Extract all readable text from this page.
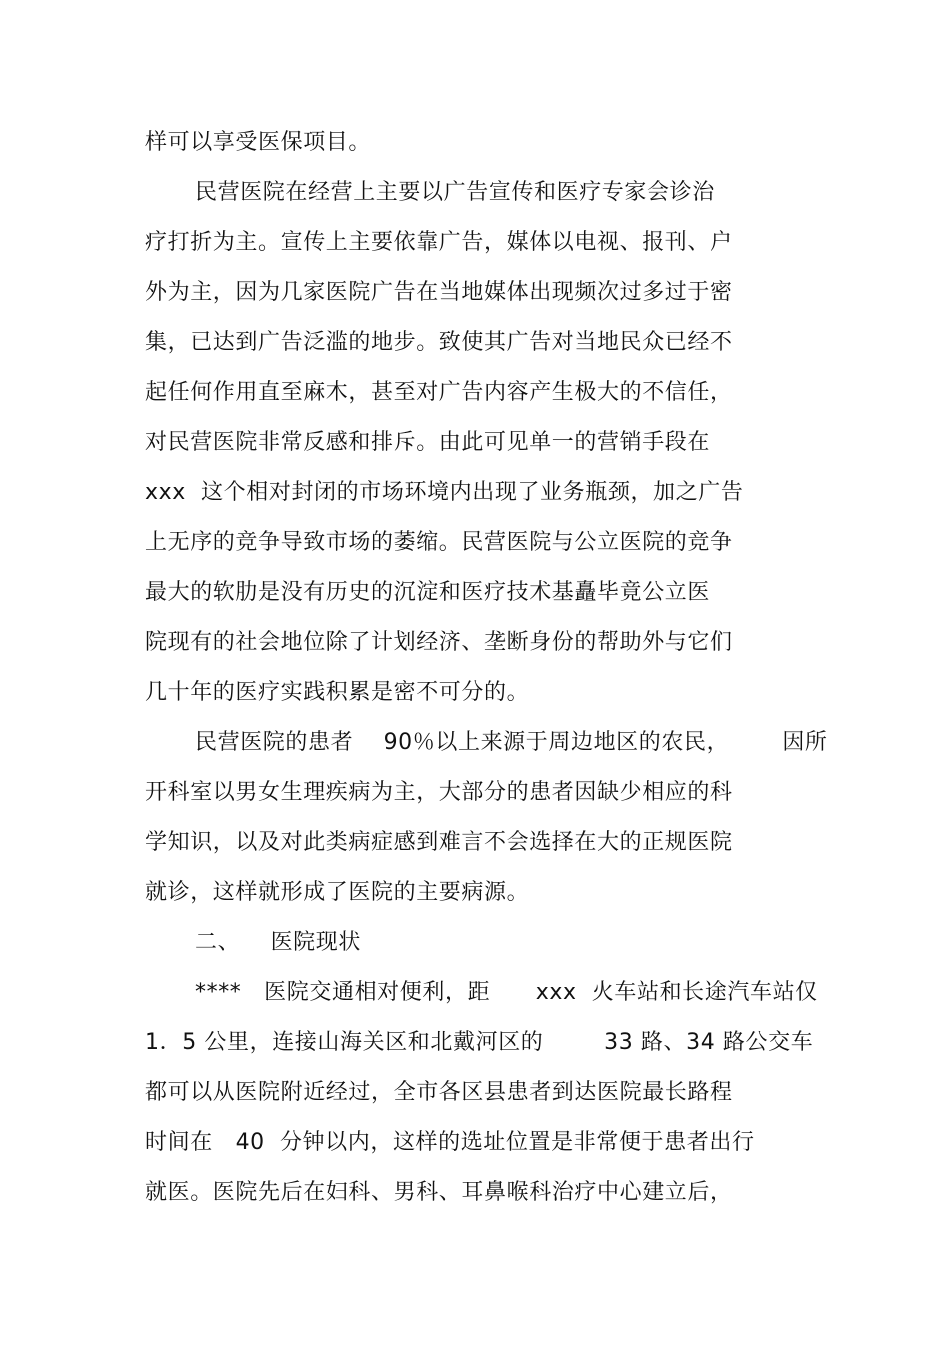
样可以享受医保项目。
民营医院在经营上主要以广告宣传和医疗专家会诊治
疗打折为主。宣传上主要依靠广告，媒体以电视、报刊、户
外为主，因为几家医院广告在当地媒体出现频次过多过于密
集，已达到广告泛滥的地步。致使其广告对当地民众已经不
起任何作用直至麻木，甚至对广告内容产生极大的不信任，
对民营医院非常反感和排斥。由此可见单一的营销手段在
xxx  这个相对封闭的市场环境内出现了业务瓶颈，加之广告
上无序的竞争导致市场的萎缩。民营医院与公立医院的竞争
最大的软肋是没有历史的沉淀和医疗技术基矗毕竟公立医
院现有的社会地位除了计划经济、垄断身份的帮助外与它们
几十年的医疗实践积累是密不可分的。
民营医院的患者    90％以上来源于周边地区的农民，       因所
开科室以男女生理疾病为主，大部分的患者因缺少相应的科
学知识，以及对此类病症感到难言不会选择在大的正规医院
就诊，这样就形成了医院的主要病源。
二、    医院现状
****   医院交通相对便利，距      xxx  火车站和长途汽车站仅
1．5 公里，连接山海关区和北戴河区的        33 路、34 路公交车
都可以从医院附近经过，全市各区县患者到达医院最长路程
时间在   40  分钟以内，这样的选址位置是非常便于患者出行
就医。医院先后在妇科、男科、耳鼻喉科治疗中心建立后，
